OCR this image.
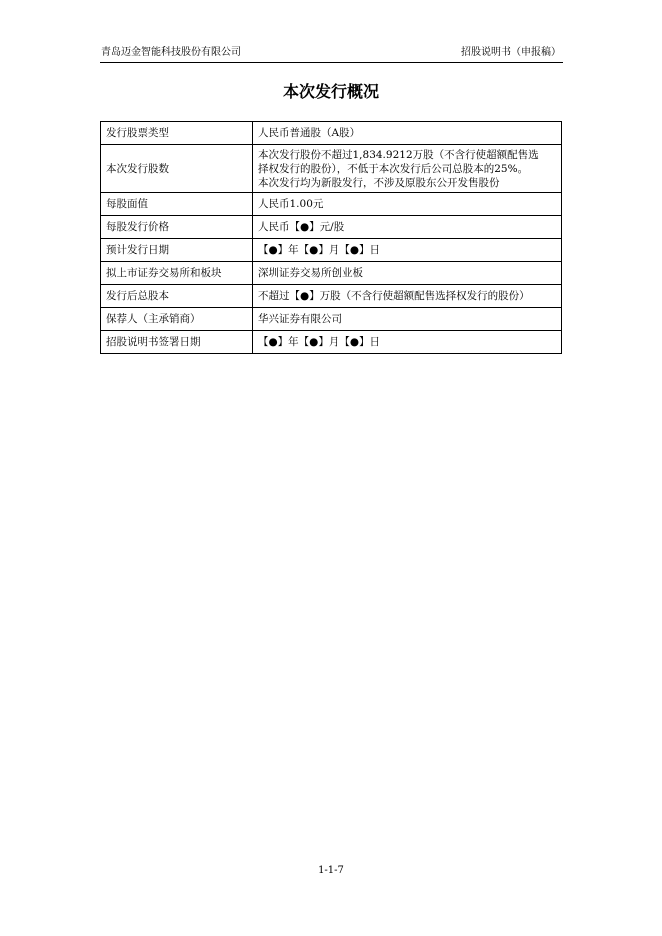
青岛迈金智能科技股份有限公司	招股说明书（申报稿）
本次发行概况
发行股票类型	人民币普通股（A股）
本次发行股数	本次发行股份不超过1,834.9212万股（不含行使超额配售选
择权发行的股份），不低于本次发行后公司总股本的25%。
本次发行均为新股发行，不涉及原股东公开发售股份

每股面值	人民币1.00元
每股发行价格	人民币【●】元/股
预计发行日期	【●】年【●】月【●】日
拟上市证券交易所和板块	深圳证券交易所创业板
发行后总股本	不超过【●】万股（不含行使超额配售选择权发行的股份）
保荐人（主承销商）	华兴证券有限公司
招股说明书签署日期	【●】年【●】月【●】日
1-1-7
